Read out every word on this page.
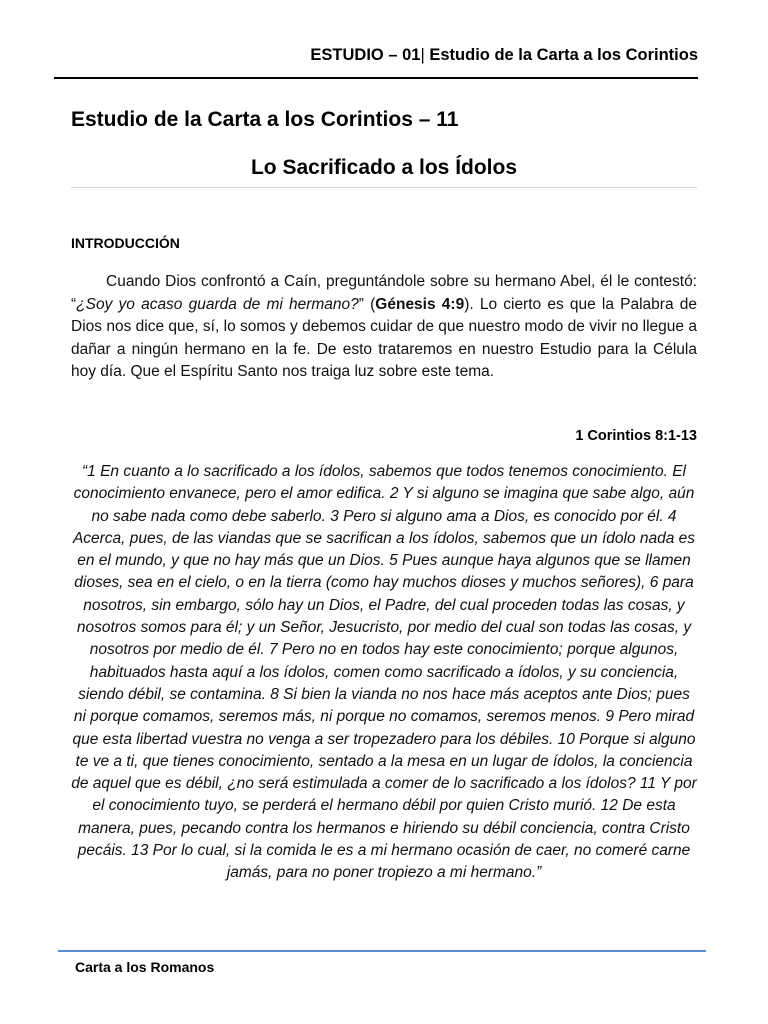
ESTUDIO – 01| Estudio de la Carta a los Corintios
Estudio de la Carta a los Corintios – 11
Lo Sacrificado a los Ídolos
INTRODUCCIÓN

Cuando Dios confrontó a Caín, preguntándole sobre su hermano Abel, él le contestó: “¿Soy yo acaso guarda de mi hermano?” (Génesis 4:9). Lo cierto es que la Palabra de Dios nos dice que, sí, lo somos y debemos cuidar de que nuestro modo de vivir no llegue a dañar a ningún hermano en la fe. De esto trataremos en nuestro Estudio para la Célula hoy día. Que el Espíritu Santo nos traiga luz sobre este tema.

1 Corintios 8:1-13

“1 En cuanto a lo sacrificado a los ídolos, sabemos que todos tenemos conocimiento. El conocimiento envanece, pero el amor edifica. 2 Y si alguno se imagina que sabe algo, aún no sabe nada como debe saberlo. 3 Pero si alguno ama a Dios, es conocido por él. 4 Acerca, pues, de las viandas que se sacrifican a los ídolos, sabemos que un ídolo nada es en el mundo, y que no hay más que un Dios. 5 Pues aunque haya algunos que se llamen dioses, sea en el cielo, o en la tierra (como hay muchos dioses y muchos señores), 6 para nosotros, sin embargo, sólo hay un Dios, el Padre, del cual proceden todas las cosas, y nosotros somos para él; y un Señor, Jesucristo, por medio del cual son todas las cosas, y nosotros por medio de él. 7 Pero no en todos hay este conocimiento; porque algunos, habituados hasta aquí a los ídolos, comen como sacrificado a ídolos, y su conciencia, siendo débil, se contamina. 8 Si bien la vianda no nos hace más aceptos ante Dios; pues ni porque comamos, seremos más, ni porque no comamos, seremos menos. 9 Pero mirad que esta libertad vuestra no venga a ser tropezadero para los débiles. 10 Porque si alguno te ve a ti, que tienes conocimiento, sentado a la mesa en un lugar de ídolos, la conciencia de aquel que es débil, ¿no será estimulada a comer de lo sacrificado a los ídolos? 11 Y por el conocimiento tuyo, se perderá el hermano débil por quien Cristo murió. 12 De esta manera, pues, pecando contra los hermanos e hiriendo su débil conciencia, contra Cristo pecáis. 13 Por lo cual, si la comida le es a mi hermano ocasión de caer, no comeré carne jamás, para no poner tropiezo a mi hermano.”

Carta a los Romanos
